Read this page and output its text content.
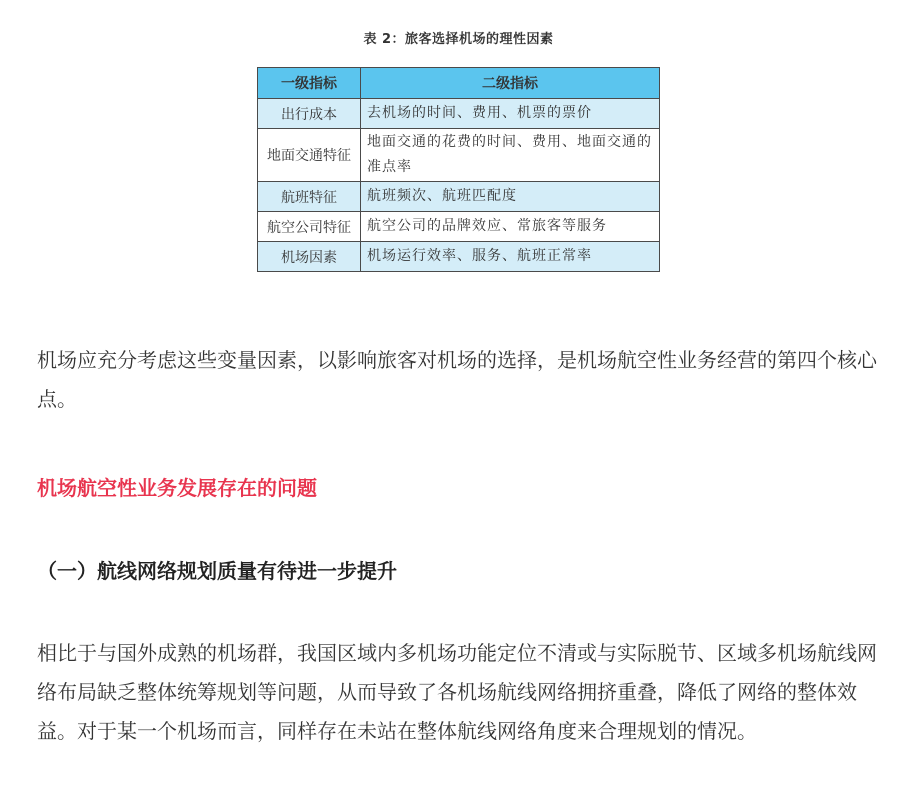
表 2：旅客选择机场的理性因素
一级指标	二级指标
出行成本	去机场的时间、费用、机票的票价
地面交通特征	地面交通的花费的时间、费用、地面交通的准点率
航班特征	航班频次、航班匹配度
航空公司特征	航空公司的品牌效应、常旅客等服务
机场因素	机场运行效率、服务、航班正常率

机场应充分考虑这些变量因素，以影响旅客对机场的选择，是机场航空性业务经营的第四个核心点。

机场航空性业务发展存在的问题
（一）航线网络规划质量有待进一步提升

相比于与国外成熟的机场群，我国区域内多机场功能定位不清或与实际脱节、区域多机场航线网络布局缺乏整体统筹规划等问题，从而导致了各机场航线网络拥挤重叠，降低了网络的整体效益。对于某一个机场而言，同样存在未站在整体航线网络角度来合理规划的情况。
